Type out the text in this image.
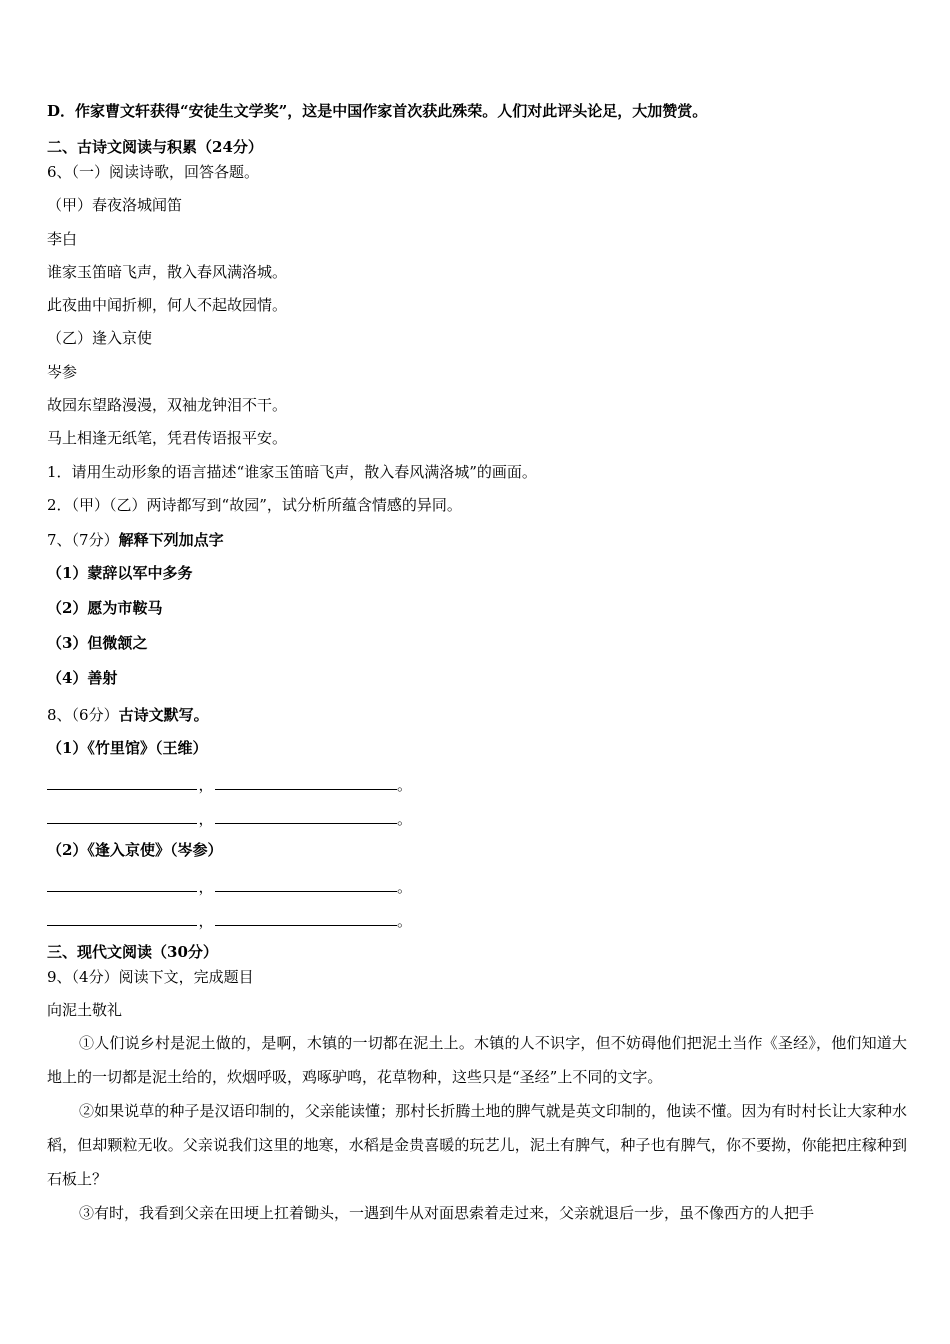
D．作家曹文轩获得“安徒生文学奖”，这是中国作家首次获此殊荣。人们对此评头论足，大加赞赏。
二、古诗文阅读与积累（24分）
6、（一）阅读诗歌，回答各题。
（甲）春夜洛城闻笛
李白
谁家玉笛暗飞声，散入春风满洛城。
此夜曲中闻折柳，何人不起故园情。
（乙）逢入京使
岑参
故园东望路漫漫，双袖龙钟泪不干。
马上相逢无纸笔，凭君传语报平安。
1．请用生动形象的语言描述“谁家玉笛暗飞声，散入春风满洛城”的画面。
2．（甲）（乙）两诗都写到“故园”，试分析所蕴含情感的异同。
7、（7分）解释下列加点字
（1）蒙辞以军中多务
（2）愿为市鞍马
（3）但微颔之
（4）善射
8、（6分）古诗文默写。
（1）《竹里馆》（王维）
，	。
，	。
（2）《逢入京使》（岑参）
，	。
，	。
三、现代文阅读（30分）
9、（4分）阅读下文，完成题目
向泥土敬礼

①人们说乡村是泥土做的，是啊，木镇的一切都在泥土上。木镇的人不识字，但不妨碍他们把泥土当作《圣经》，他们知道大地上的一切都是泥土给的，炊烟呼吸，鸡啄驴鸣，花草物种，这些只是“圣经”上不同的文字。

②如果说草的种子是汉语印制的，父亲能读懂；那村长折腾土地的脾气就是英文印制的，他读不懂。因为有时村长让大家种水稻，但却颗粒无收。父亲说我们这里的地寒，水稻是金贵喜暖的玩艺儿，泥土有脾气，种子也有脾气，你不要拗，你能把庄稼种到石板上？

③有时，我看到父亲在田埂上扛着锄头，一遇到牛从对面思索着走过来，父亲就退后一步，虽不像西方的人把手
